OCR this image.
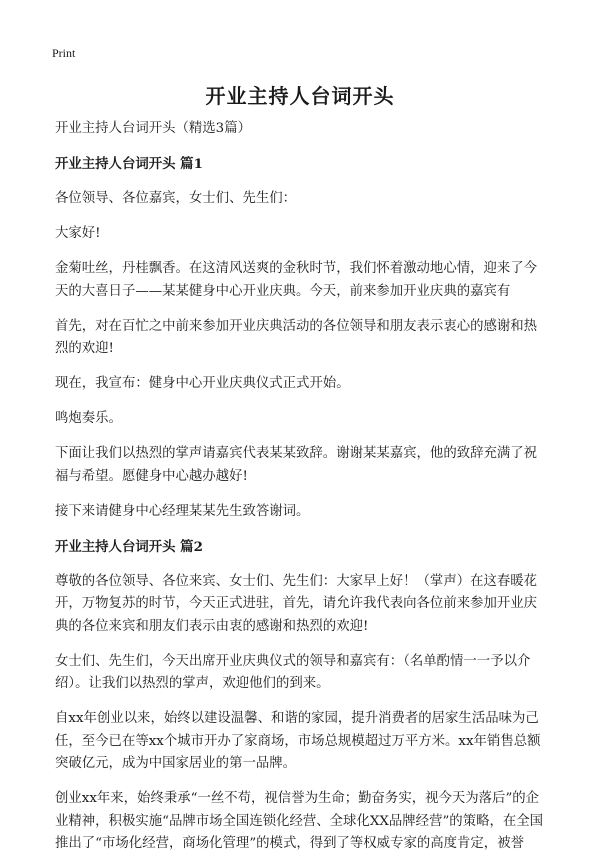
Print
开业主持人台词开头

开业主持人台词开头（精选3篇）

开业主持人台词开头 篇1

各位领导、各位嘉宾，女士们、先生们：

大家好!

金菊吐丝，丹桂飘香。在这清风送爽的金秋时节，我们怀着激动地心情，迎来了今天的大喜日子——某某健身中心开业庆典。今天，前来参加开业庆典的嘉宾有

首先，对在百忙之中前来参加开业庆典活动的各位领导和朋友表示衷心的感谢和热烈的欢迎!

现在，我宣布：健身中心开业庆典仪式正式开始。

鸣炮奏乐。

下面让我们以热烈的掌声请嘉宾代表某某致辞。谢谢某某嘉宾，他的致辞充满了祝福与希望。愿健身中心越办越好!

接下来请健身中心经理某某先生致答谢词。

开业主持人台词开头 篇2

尊敬的各位领导、各位来宾、女士们、先生们：大家早上好！（掌声）在这春暖花开，万物复苏的时节，今天正式进驻，首先，请允许我代表向各位前来参加开业庆典的各位来宾和朋友们表示由衷的感谢和热烈的欢迎!

女士们、先生们，今天出席开业庆典仪式的领导和嘉宾有：（名单酌情一一予以介绍）。让我们以热烈的掌声，欢迎他们的到来。

自xx年创业以来，始终以建设温馨、和谐的家园，提升消费者的居家生活品味为己任，至今已在等xx个城市开办了家商场，市场总规模超过万平方米。xx年销售总额突破亿元，成为中国家居业的第一品牌。

创业xx年来，始终秉承“一丝不苟，视信誉为生命；勤奋务实，视今天为落后”的企业精神，积极实施“品牌市场全国连锁化经营、全球化XX品牌经营”的策略，在全国推出了“市场化经营，商场化管理”的模式，得到了等权威专家的高度肯定，被誉
